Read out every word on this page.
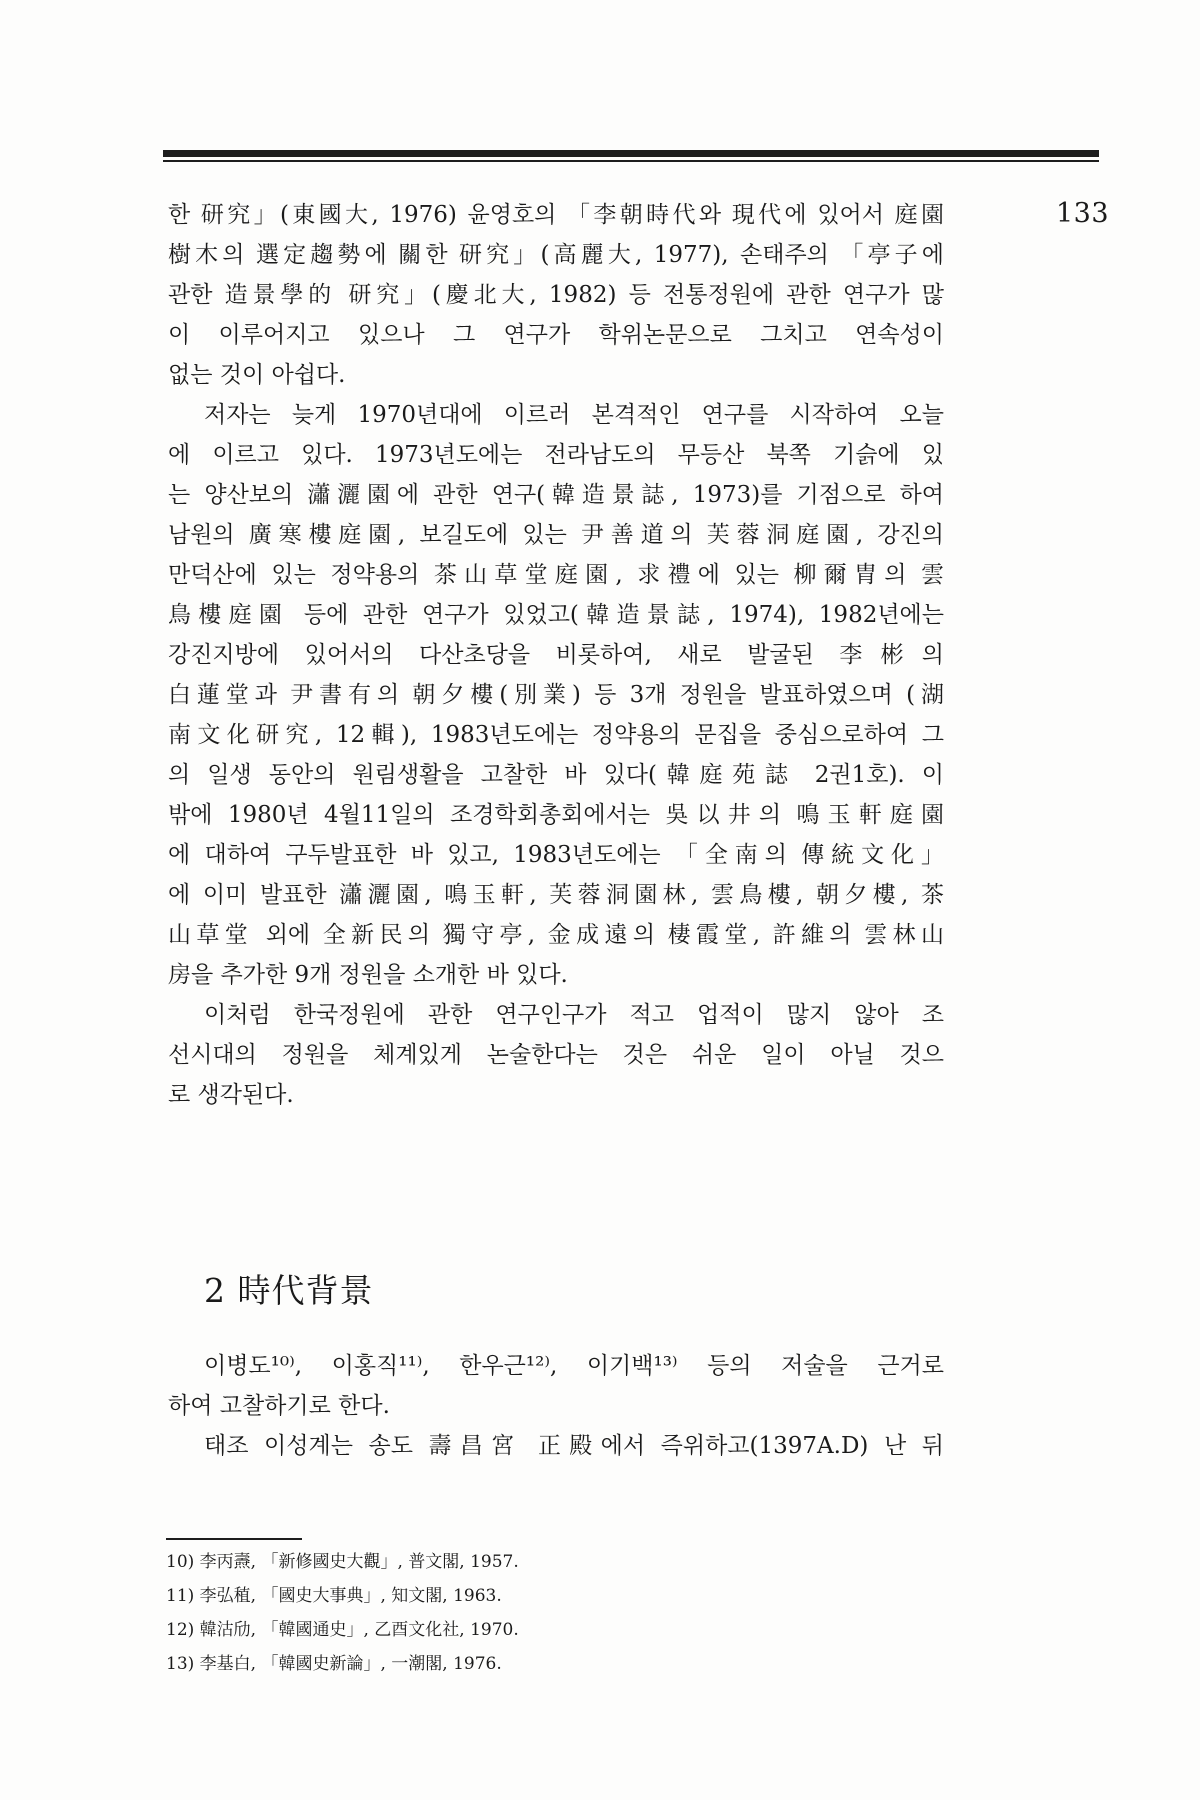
133
한 研究」(東國大, 1976) 윤영호의 「李朝時代와 現代에 있어서 庭園
樹木의 選定趨勢에 關한 研究」(高麗大, 1977), 손태주의 「亭子에
관한 造景學的 研究」(慶北大, 1982) 등 전통정원에 관한 연구가 많
이 이루어지고 있으나 그 연구가 학위논문으로 그치고 연속성이
없는 것이 아쉽다.
저자는 늦게 1970년대에 이르러 본격적인 연구를 시작하여 오늘
에 이르고 있다. 1973년도에는 전라남도의 무등산 북쪽 기슭에 있
는 양산보의 瀟灑園에 관한 연구(韓造景誌, 1973)를 기점으로 하여
남원의 廣寒樓庭園, 보길도에 있는 尹善道의 芙蓉洞庭園, 강진의
만덕산에 있는 정약용의 茶山草堂庭園, 求禮에 있는 柳爾胄의 雲
鳥樓庭園 등에 관한 연구가 있었고(韓造景誌, 1974), 1982년에는
강진지방에 있어서의 다산초당을 비롯하여, 새로 발굴된 李彬의
白蓮堂과 尹書有의 朝夕樓(別業) 등 3개 정원을 발표하였으며 (湖
南文化研究, 12輯), 1983년도에는 정약용의 문집을 중심으로하여 그
의 일생 동안의 원림생활을 고찰한 바 있다(韓庭苑誌 2권1호). 이
밖에 1980년 4월11일의 조경학회총회에서는 吳以井의 鳴玉軒庭園
에 대하여 구두발표한 바 있고, 1983년도에는 「全南의 傳統文化」
에 이미 발표한 瀟灑園, 鳴玉軒, 芙蓉洞園林, 雲鳥樓, 朝夕樓, 茶
山草堂 외에 全新民의 獨守亭, 金成遠의 棲霞堂, 許維의 雲林山
房을 추가한 9개 정원을 소개한 바 있다.
이처럼 한국정원에 관한 연구인구가 적고 업적이 많지 않아 조
선시대의 정원을 체계있게 논술한다는 것은 쉬운 일이 아닐 것으
로 생각된다.
2 時代背景
이병도¹⁰⁾, 이홍직¹¹⁾, 한우근¹²⁾, 이기백¹³⁾ 등의 저술을 근거로
하여 고찰하기로 한다.
태조 이성계는 송도 壽昌宮 正殿에서 즉위하고(1397A.D) 난 뒤
10) 李丙燾, 「新修國史大觀」, 普文閣, 1957.
11) 李弘稙, 「國史大事典」, 知文閣, 1963.
12) 韓沽劤, 「韓國通史」, 乙酉文化社, 1970.
13) 李基白, 「韓國史新論」, 一潮閣, 1976.
